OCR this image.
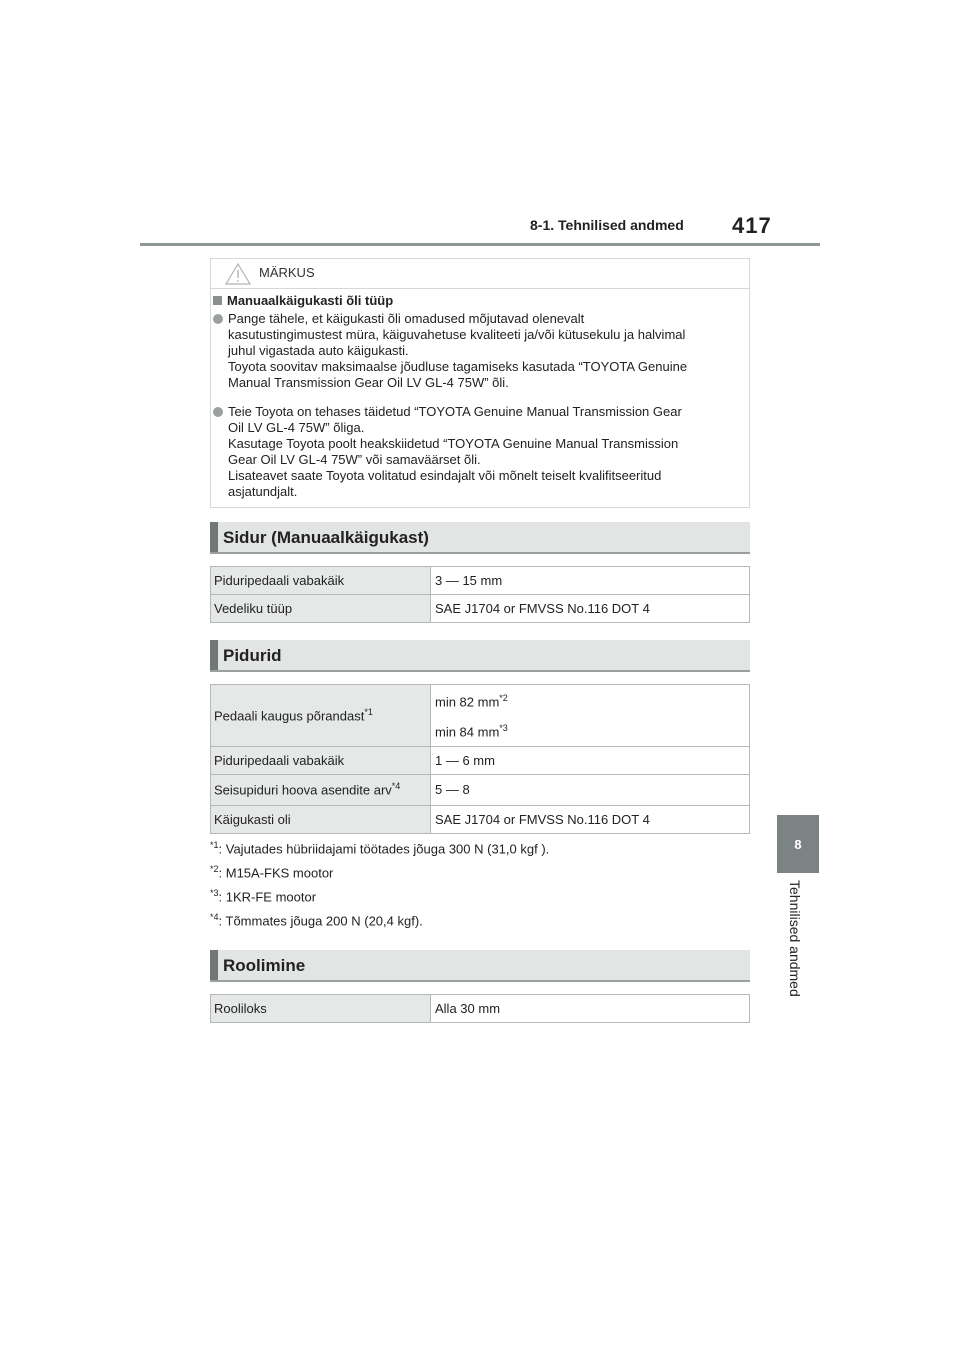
8-1. Tehnilised andmed 417
8
Tehnilised andmed
MÄRKUS
Manuaalkäigukasti õli tüüp
Pange tähele, et käigukasti õli omadused mõjutavad olenevalt
kasutustingimustest müra, käiguvahetuse kvaliteeti ja/või kütusekulu ja halvimal
juhul vigastada auto käigukasti.
Toyota soovitav maksimaalse jõudluse tagamiseks kasutada “TOYOTA Genuine
Manual Transmission Gear Oil LV GL-4 75W” õli.
Teie Toyota on tehases täidetud “TOYOTA Genuine Manual Transmission Gear
Oil LV GL-4 75W” õliga.
Kasutage Toyota poolt heakskiidetud “TOYOTA Genuine Manual Transmission
Gear Oil LV GL-4 75W” või samaväärset õli.
Lisateavet saate Toyota volitatud esindajalt või mõnelt teiselt kvalifitseeritud
asjatundjalt.
Sidur (Manuaalkäigukast)
Piduripedaali vabakäik	3 — 15 mm
Vedeliku tüüp	SAE J1704 or FMVSS No.116 DOT 4
Pidurid
Pedaali kaugus põrandast$^{*1}$	min 82 $mm^{*2}$
min 84 $mm^{*3}$

Piduripedaali vabakäik	1 — 6 mm
Seisupiduri hoova asendite arv$^{*4}$	5 — 8
Käigukasti oli	SAE J1704 or FMVSS No.116 DOT 4
$^{*1}$: Vajutades hübriidajami töötades jõuga 300 N (31,0 kgf ).
$^{*2}$: M15A-FKS mootor
$^{*3}$: 1KR-FE mootor
$^{*4}$: Tõmmates jõuga 200 N (20,4 kgf).
Roolimine
Rooliloks	Alla 30 mm
